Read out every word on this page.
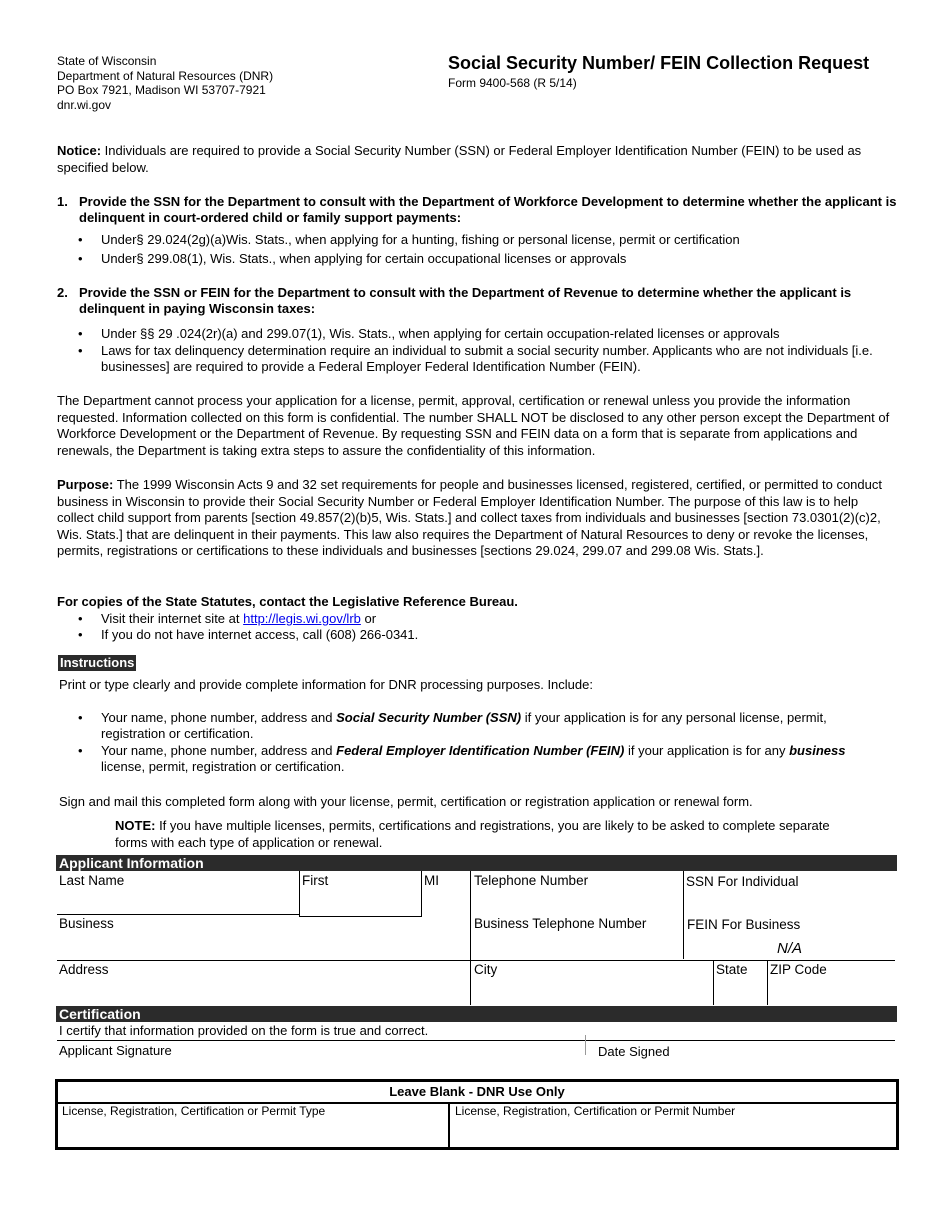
State of Wisconsin
Department of Natural Resources (DNR)
PO Box 7921, Madison WI 53707-7921
dnr.wi.gov
Social Security Number/ FEIN Collection Request
Form 9400-568 (R 5/14)
Notice: Individuals are required to provide a Social Security Number (SSN) or Federal Employer Identification Number (FEIN) to be used as specified below.
1. Provide the SSN for the Department to consult with the Department of Workforce Development to determine whether the applicant is delinquent in court-ordered child or family support payments:
• Under§ 29.024(2g)(a)Wis. Stats., when applying for a hunting, fishing or personal license, permit or certification
• Under§ 299.08(1), Wis. Stats., when applying for certain occupational licenses or approvals
2. Provide the SSN or FEIN for the Department to consult with the Department of Revenue to determine whether the applicant is delinquent in paying Wisconsin taxes:
• Under §§ 29 .024(2r)(a) and 299.07(1), Wis. Stats., when applying for certain occupation-related licenses or approvals
• Laws for tax delinquency determination require an individual to submit a social security number. Applicants who are not individuals [i.e. businesses] are required to provide a Federal Employer Federal Identification Number (FEIN).
The Department cannot process your application for a license, permit, approval, certification or renewal unless you provide the information requested. Information collected on this form is confidential. The number SHALL NOT be disclosed to any other person except the Department of Workforce Development or the Department of Revenue. By requesting SSN and FEIN data on a form that is separate from applications and renewals, the Department is taking extra steps to assure the confidentiality of this information.
Purpose: The 1999 Wisconsin Acts 9 and 32 set requirements for people and businesses licensed, registered, certified, or permitted to conduct business in Wisconsin to provide their Social Security Number or Federal Employer Identification Number. The purpose of this law is to help collect child support from parents [section 49.857(2)(b)5, Wis. Stats.] and collect taxes from individuals and businesses [section 73.0301(2)(c)2, Wis. Stats.] that are delinquent in their payments. This law also requires the Department of Natural Resources to deny or revoke the licenses, permits, registrations or certifications to these individuals and businesses [sections 29.024, 299.07 and 299.08 Wis. Stats.].
For copies of the State Statutes, contact the Legislative Reference Bureau.
• Visit their internet site at http://legis.wi.gov/lrb or
• If you do not have internet access, call (608) 266-0341.
Instructions
Print or type clearly and provide complete information for DNR processing purposes. Include:
• Your name, phone number, address and Social Security Number (SSN) if your application is for any personal license, permit, registration or certification.
• Your name, phone number, address and Federal Employer Identification Number (FEIN) if your application is for any business license, permit, registration or certification.
Sign and mail this completed form along with your license, permit, certification or registration application or renewal form.
NOTE: If you have multiple licenses, permits, certifications and registrations, you are likely to be asked to complete separate forms with each type of application or renewal.
Applicant Information
Last Name	First	MI	Telephone Number	SSN For Individual
Business	Business Telephone Number	FEIN For Business
N/A
Address	City	State ZIP Code
Certification
I certify that information provided on the form is true and correct.
Applicant Signature	Date Signed
Leave Blank - DNR Use Only
License, Registration, Certification or Permit Type	License, Registration, Certification or Permit Number
